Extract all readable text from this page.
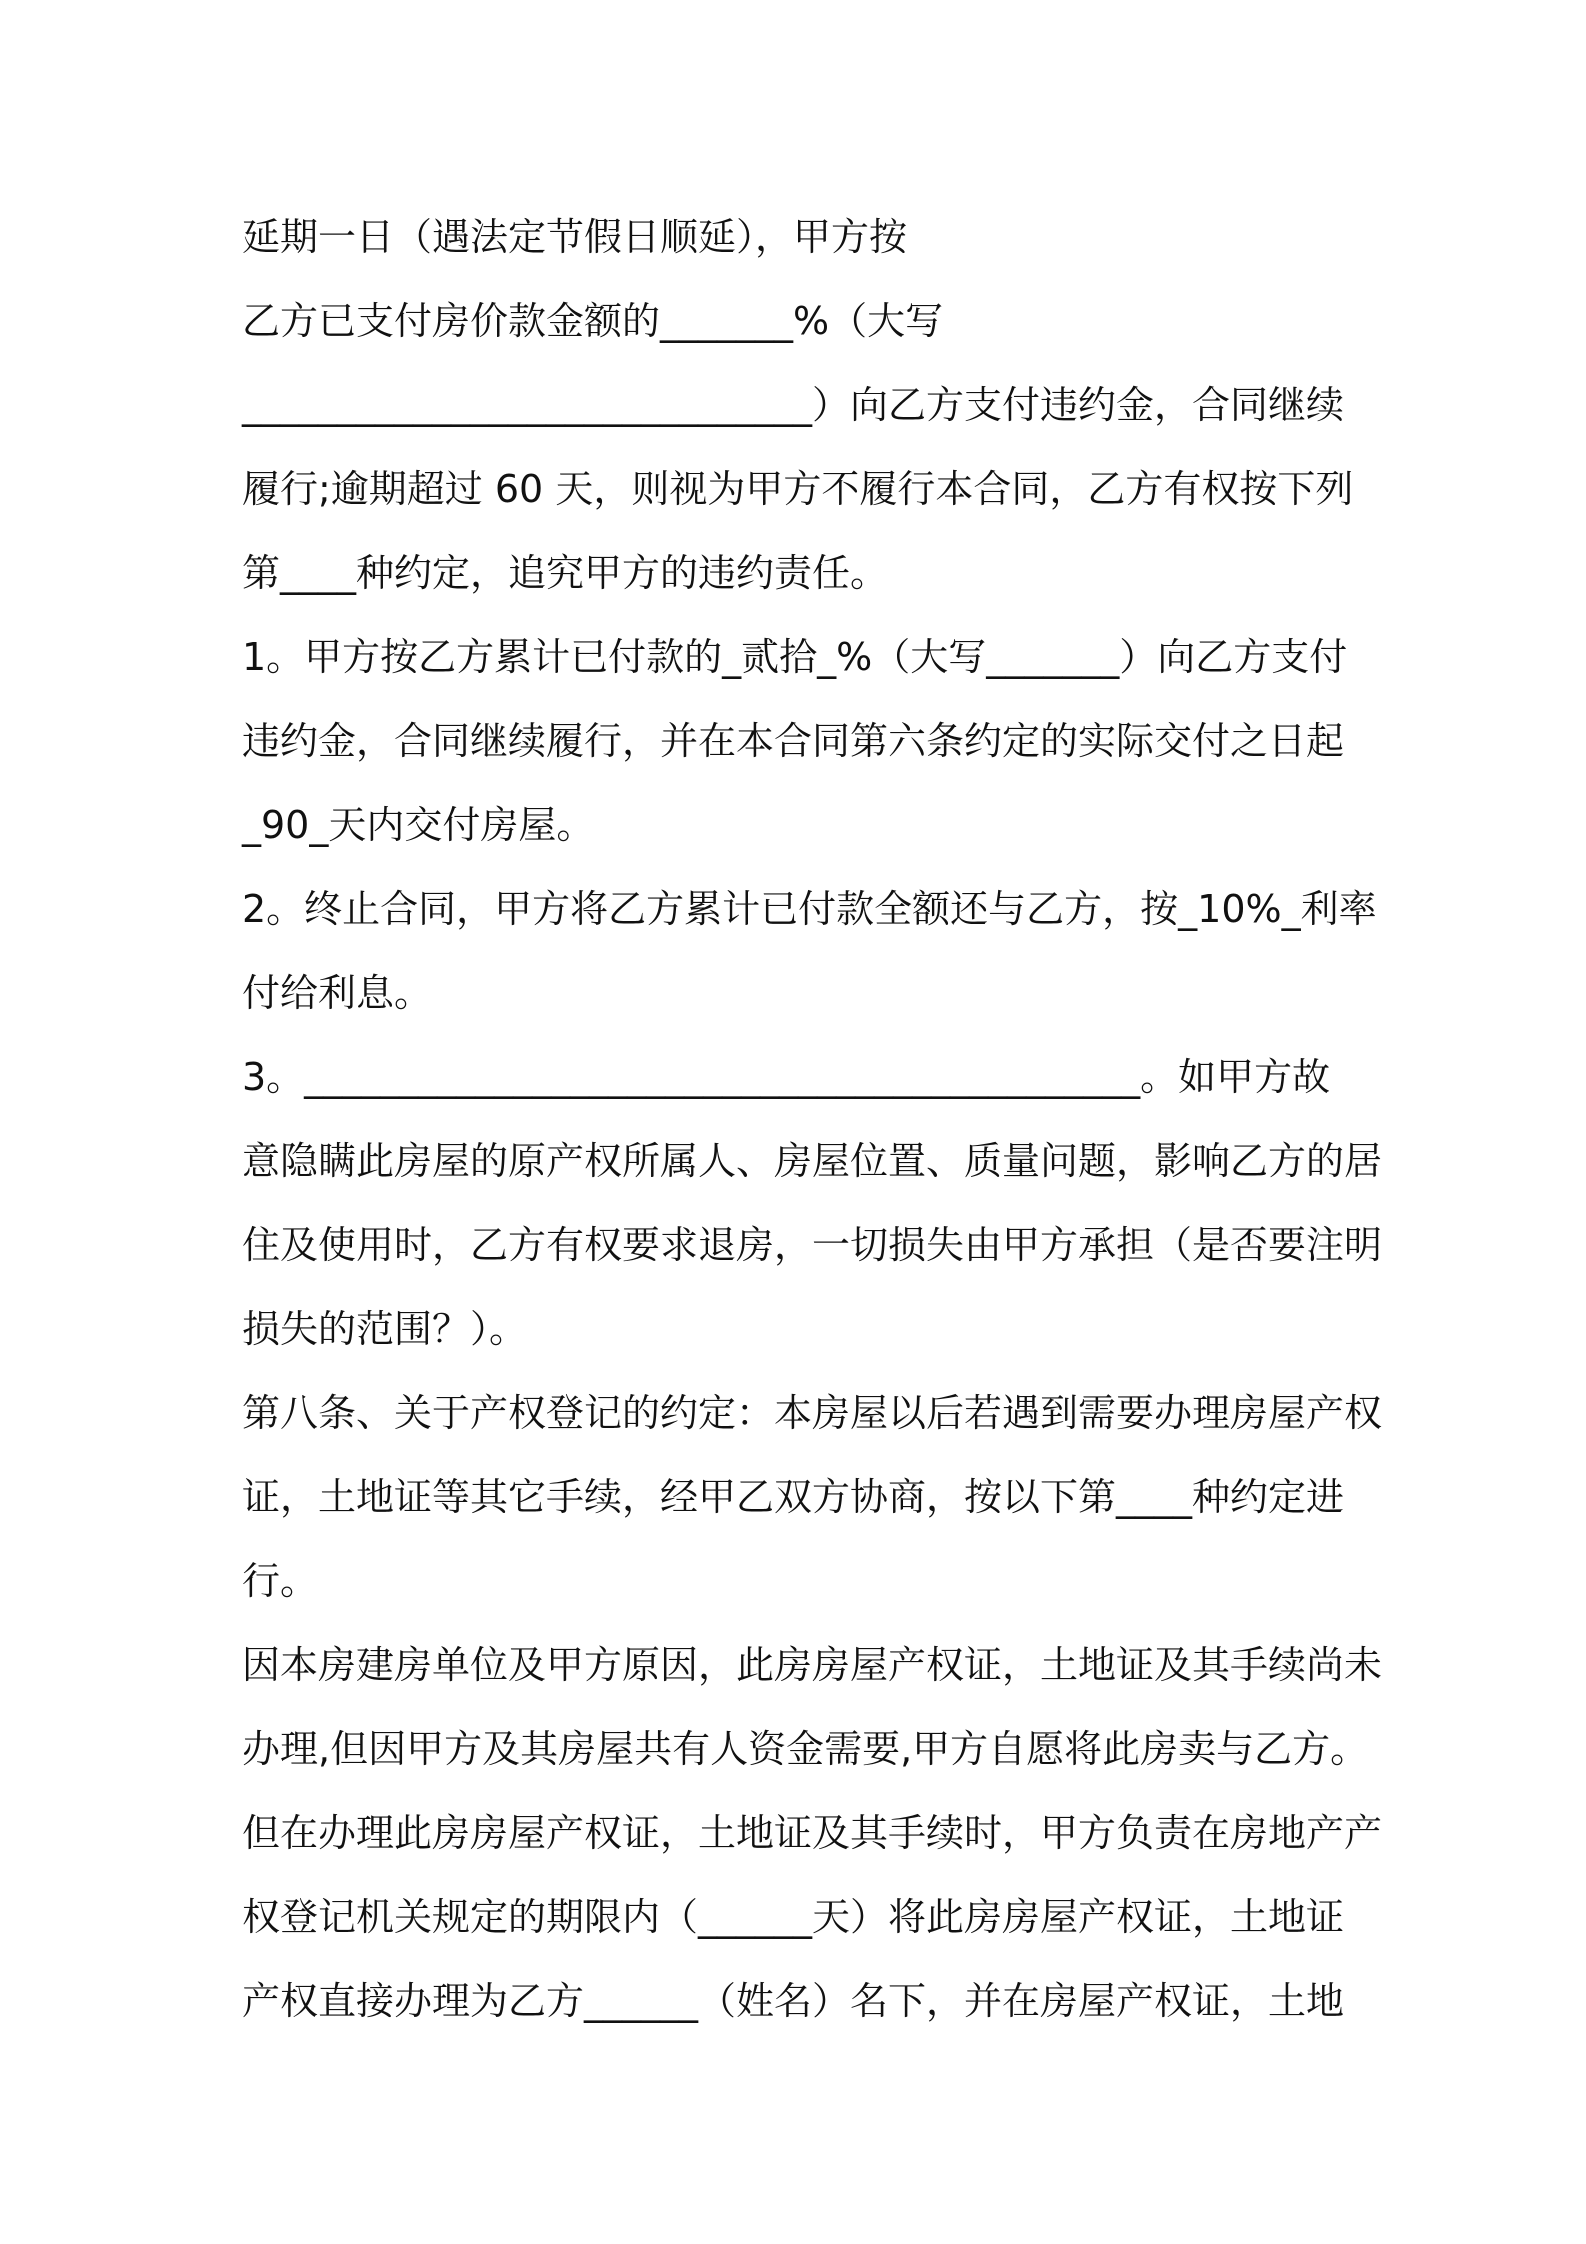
延期一日（遇法定节假日顺延），甲方按
乙方已支付房价款金额的_______%（大写
______________________________）向乙方支付违约金，合同继续
履行;逾期超过 60 天，则视为甲方不履行本合同，乙方有权按下列
第____种约定，追究甲方的违约责任。
1。甲方按乙方累计已付款的_贰拾_%（大写_______）向乙方支付
违约金，合同继续履行，并在本合同第六条约定的实际交付之日起
_90_天内交付房屋。
2。终止合同，甲方将乙方累计已付款全额还与乙方，按_10%_利率
付给利息。
3。____________________________________________。如甲方故
意隐瞒此房屋的原产权所属人、房屋位置、质量问题，影响乙方的居
住及使用时，乙方有权要求退房，一切损失由甲方承担（是否要注明
损失的范围？）。
第八条、关于产权登记的约定：本房屋以后若遇到需要办理房屋产权
证，土地证等其它手续，经甲乙双方协商，按以下第____种约定进
行。
因本房建房单位及甲方原因，此房房屋产权证，土地证及其手续尚未
办理,但因甲方及其房屋共有人资金需要,甲方自愿将此房卖与乙方。
但在办理此房房屋产权证，土地证及其手续时，甲方负责在房地产产
权登记机关规定的期限内（______天）将此房房屋产权证，土地证
产权直接办理为乙方______（姓名）名下，并在房屋产权证，土地
